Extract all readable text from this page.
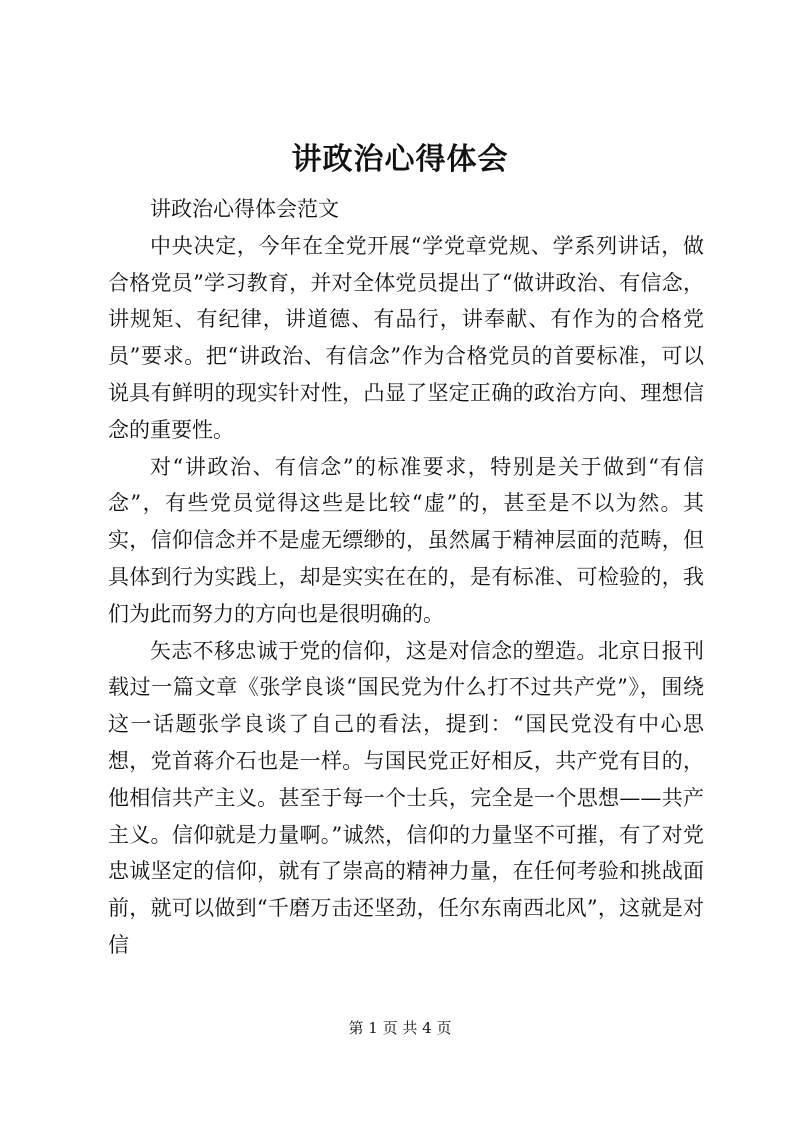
讲政治心得体会

讲政治心得体会范文

中央决定，今年在全党开展“学党章党规、学系列讲话，做合格党员”学习教育，并对全体党员提出了“做讲政治、有信念，讲规矩、有纪律，讲道德、有品行，讲奉献、有作为的合格党员”要求。把“讲政治、有信念”作为合格党员的首要标准，可以说具有鲜明的现实针对性，凸显了坚定正确的政治方向、理想信念的重要性。

对“讲政治、有信念”的标准要求，特别是关于做到“有信念”，有些党员觉得这些是比较“虚”的，甚至是不以为然。其实，信仰信念并不是虚无缥缈的，虽然属于精神层面的范畴，但具体到行为实践上，却是实实在在的，是有标准、可检验的，我们为此而努力的方向也是很明确的。

矢志不移忠诚于党的信仰，这是对信念的塑造。北京日报刊载过一篇文章《张学良谈“国民党为什么打不过共产党”》，围绕这一话题张学良谈了自己的看法，提到：“国民党没有中心思想，党首蒋介石也是一样。与国民党正好相反，共产党有目的，他相信共产主义。甚至于每一个士兵，完全是一个思想——共产主义。信仰就是力量啊。”诚然，信仰的力量坚不可摧，有了对党忠诚坚定的信仰，就有了崇高的精神力量，在任何考验和挑战面前，就可以做到“千磨万击还坚劲，任尔东南西北风”，这就是对信

第 1 页 共 4 页
